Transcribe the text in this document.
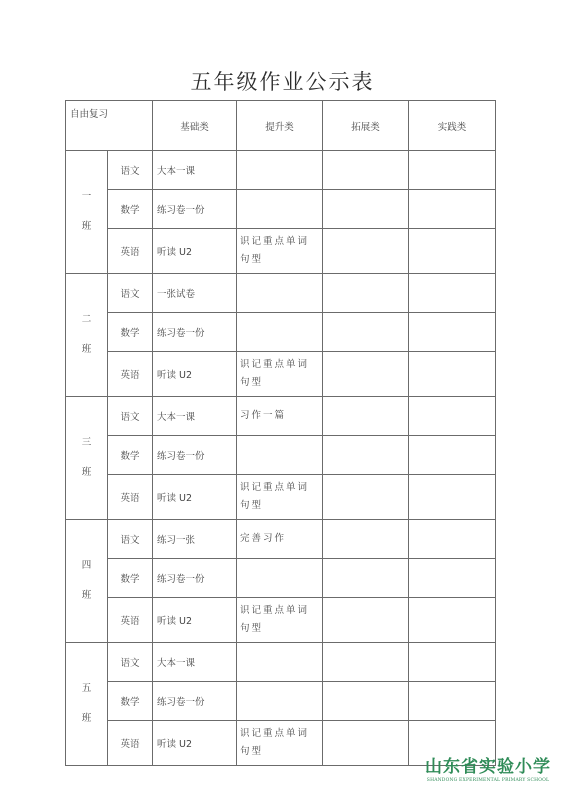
五年级作业公示表
自由复习		基础类	提升类	拓展类	实践类

一
班	语文	大本一课			
	数学	练习卷一份			
	英语	听读 U2	识记重点单词句型		

二
班	语文	一张试卷			
	数学	练习卷一份			
	英语	听读 U2	识记重点单词句型		

三
班	语文	大本一课	习作一篇		
	数学	练习卷一份			
	英语	听读 U2	识记重点单词句型		

四
班	语文	练习一张	完善习作		
	数学	练习卷一份			
	英语	听读 U2	识记重点单词句型		

五
班	语文	大本一课			
	数学	练习卷一份			
	英语	听读 U2	识记重点单词句型		
山东省实验小学
SHANDONG EXPERIMENTAL PRIMARY SCHOOL
